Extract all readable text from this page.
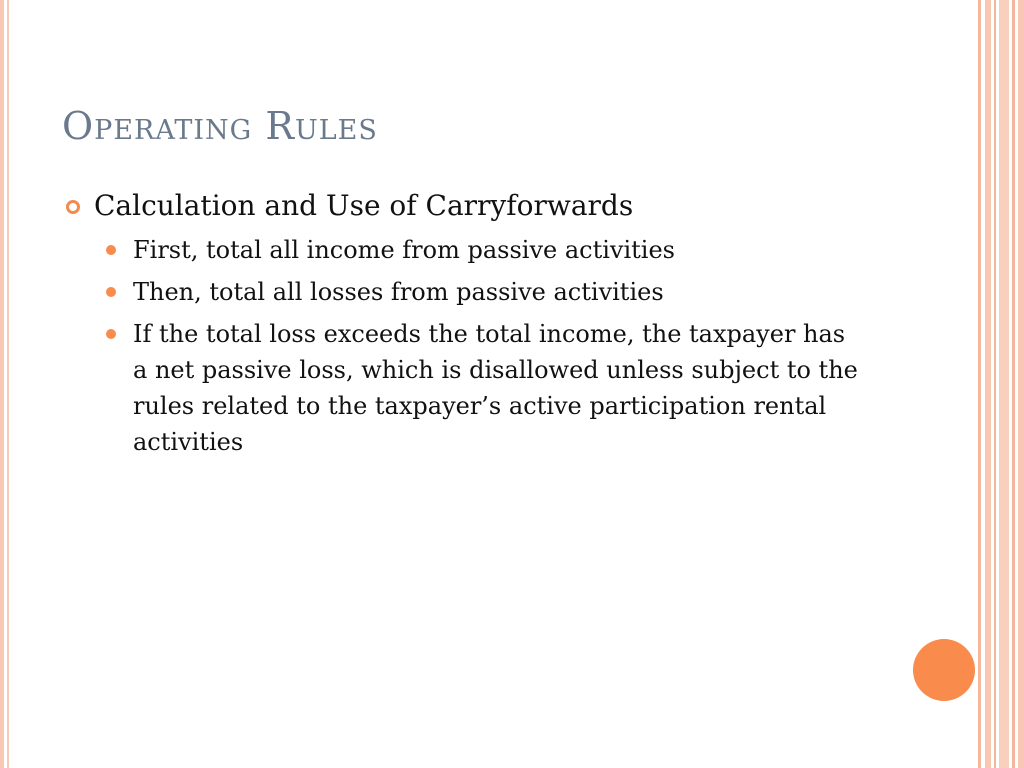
Operating Rules
Calculation and Use of Carryforwards
First, total all income from passive activities
Then, total all losses from passive activities
If the total loss exceeds the total income, the taxpayer has a net passive loss, which is disallowed unless subject to the rules related to the taxpayer’s active participation rental activities
